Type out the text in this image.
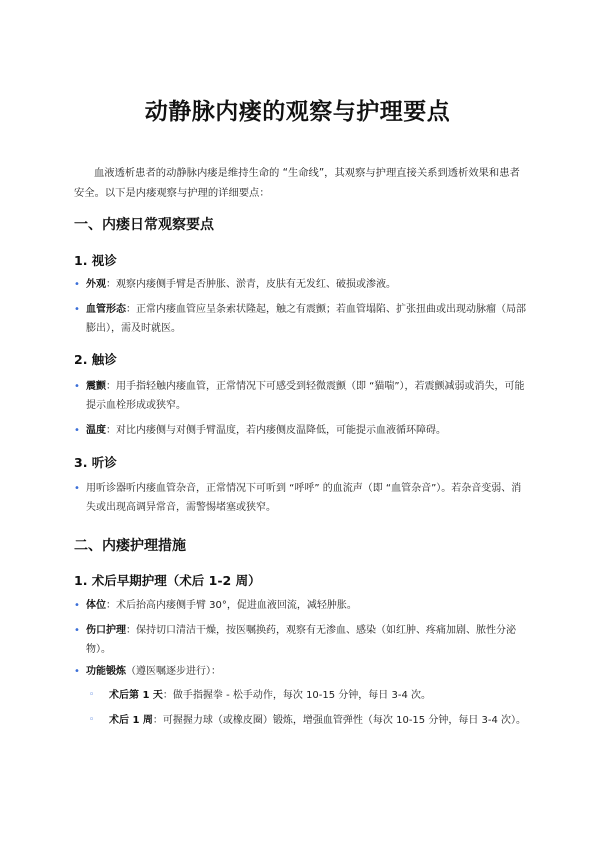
动静脉内瘘的观察与护理要点
血液透析患者的动静脉内瘘是维持生命的 “生命线”，其观察与护理直接关系到透析效果和患者安全。以下是内瘘观察与护理的详细要点：
一、内瘘日常观察要点
1. 视诊
• 外观：观察内瘘侧手臂是否肿胀、淤青，皮肤有无发红、破损或渗液。
• 血管形态：正常内瘘血管应呈条索状隆起，触之有震颤；若血管塌陷、扩张扭曲或出现动脉瘤（局部膨出），需及时就医。
2. 触诊
• 震颤：用手指轻触内瘘血管，正常情况下可感受到轻微震颤（即 “猫喘”），若震颤减弱或消失，可能提示血栓形成或狭窄。
• 温度：对比内瘘侧与对侧手臂温度，若内瘘侧皮温降低，可能提示血液循环障碍。
3. 听诊
• 用听诊器听内瘘血管杂音，正常情况下可听到 “呼呼” 的血流声（即 “血管杂音”）。若杂音变弱、消失或出现高调异常音，需警惕堵塞或狭窄。
二、内瘘护理措施
1. 术后早期护理（术后 1-2 周）
• 体位：术后抬高内瘘侧手臂 30°，促进血液回流，减轻肿胀。
• 伤口护理：保持切口清洁干燥，按医嘱换药，观察有无渗血、感染（如红肿、疼痛加剧、脓性分泌物）。
• 功能锻炼（遵医嘱逐步进行）：
◦ 术后第 1 天：做手指握拳 - 松手动作，每次 10-15 分钟，每日 3-4 次。
◦ 术后 1 周：可握握力球（或橡皮圈）锻炼，增强血管弹性（每次 10-15 分钟，每日 3-4 次）。
